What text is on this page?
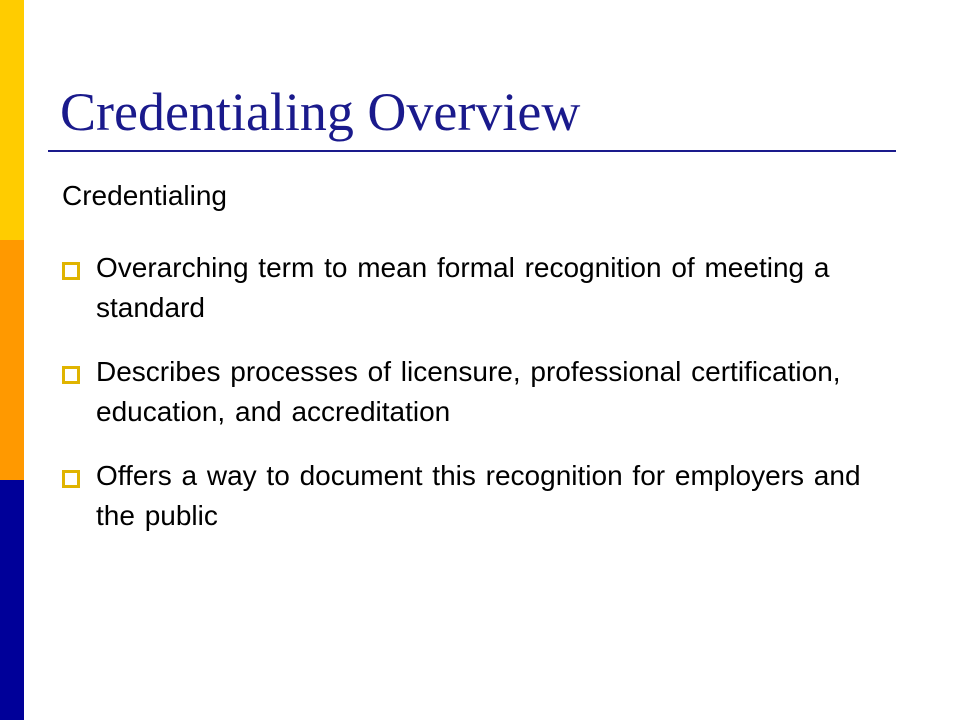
Credentialing Overview
Credentialing
Overarching term to mean formal recognition of meeting a standard
Describes processes of licensure, professional certification, education, and accreditation
Offers a way to document this recognition for employers and the public
